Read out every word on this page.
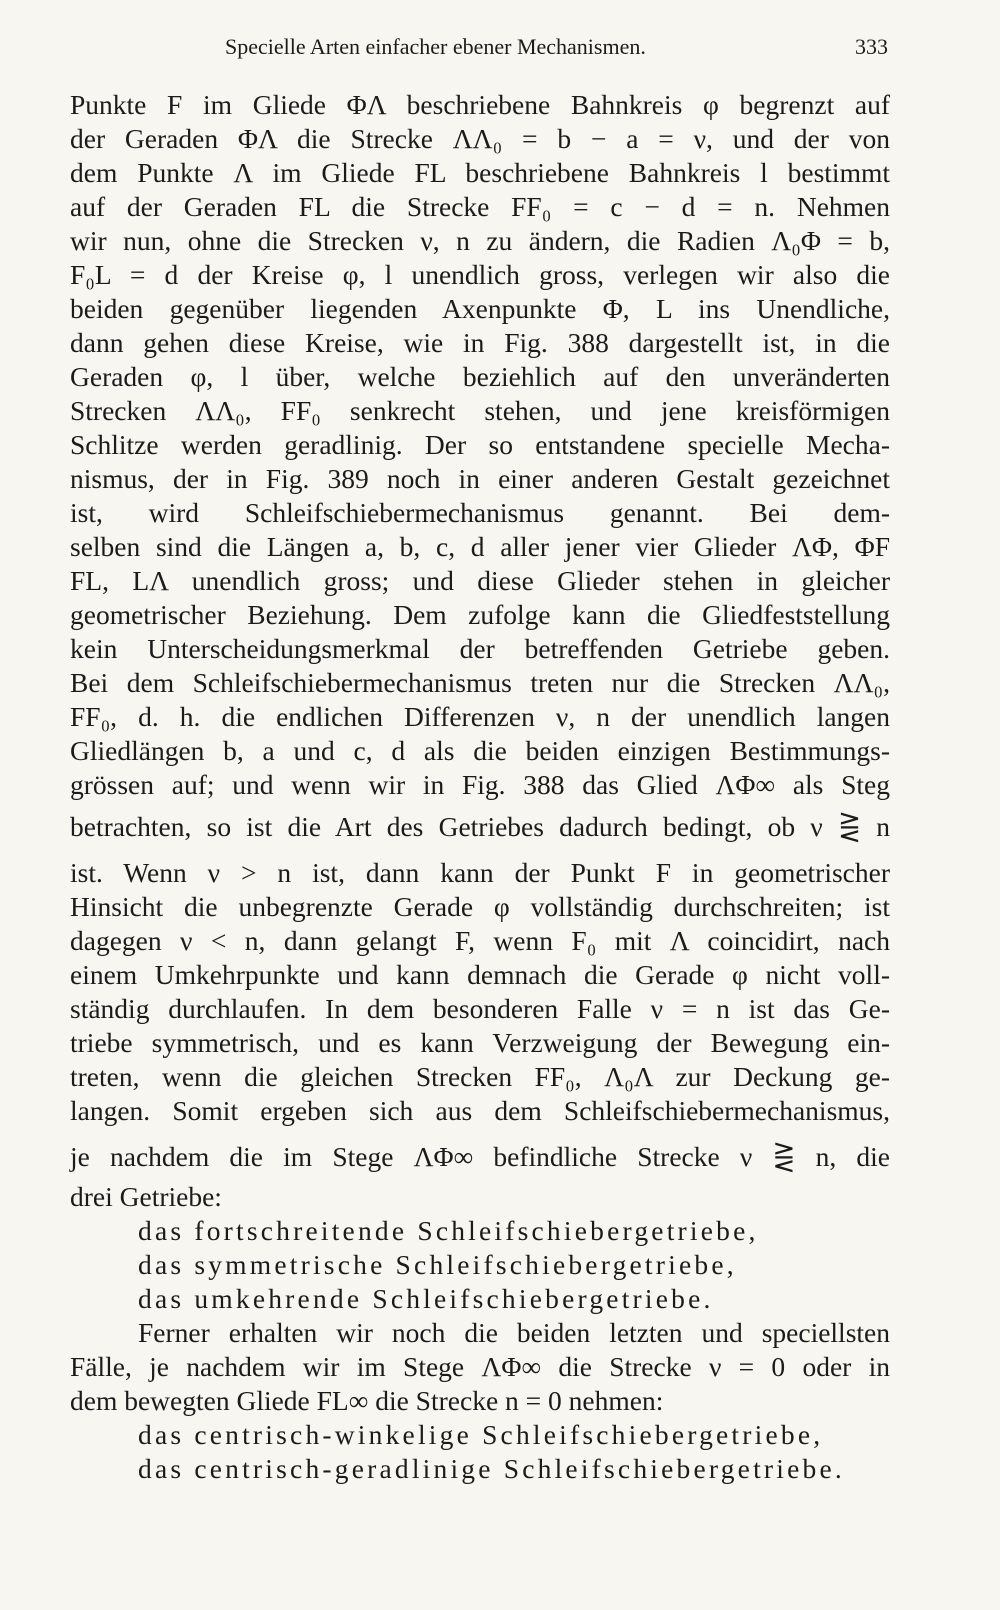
Specielle Arten einfacher ebener Mechanismen.	333
Punkte F im Gliede ΦΛ beschriebene Bahnkreis φ begrenzt auf
der Geraden ΦΛ die Strecke ΛΛ₀ = b − a = ν, und der von
dem Punkte Λ im Gliede FL beschriebene Bahnkreis l bestimmt
auf der Geraden FL die Strecke FF₀ = c − d = n. Nehmen
wir nun, ohne die Strecken ν, n zu ändern, die Radien Λ₀Φ = b,
F₀L = d der Kreise φ, l unendlich gross, verlegen wir also die
beiden gegenüber liegenden Axenpunkte Φ, L ins Unendliche,
dann gehen diese Kreise, wie in Fig. 388 dargestellt ist, in die
Geraden φ, l über, welche beziehlich auf den unveränderten
Strecken ΛΛ₀, FF₀ senkrecht stehen, und jene kreisförmigen
Schlitze werden geradlinig. Der so entstandene specielle Mecha-
nismus, der in Fig. 389 noch in einer anderen Gestalt gezeichnet
ist, wird Schleifschiebermechanismus genannt. Bei dem-
selben sind die Längen a, b, c, d aller jener vier Glieder ΛΦ, ΦF
FL, LΛ unendlich gross; und diese Glieder stehen in gleicher
geometrischer Beziehung. Dem zufolge kann die Gliedfeststellung
kein Unterscheidungsmerkmal der betreffenden Getriebe geben.
Bei dem Schleifschiebermechanismus treten nur die Strecken ΛΛ₀,
FF₀, d. h. die endlichen Differenzen ν, n der unendlich langen
Gliedlängen b, a und c, d als die beiden einzigen Bestimmungs-
grössen auf; und wenn wir in Fig. 388 das Glied ΛΦ∞ als Steg
betrachten, so ist die Art des Getriebes dadurch bedingt, ob ν ⋛ n
ist. Wenn ν > n ist, dann kann der Punkt F in geometrischer
Hinsicht die unbegrenzte Gerade φ vollständig durchschreiten; ist
dagegen ν < n, dann gelangt F, wenn F₀ mit Λ coincidirt, nach
einem Umkehrpunkte und kann demnach die Gerade φ nicht voll-
ständig durchlaufen. In dem besonderen Falle ν = n ist das Ge-
triebe symmetrisch, und es kann Verzweigung der Bewegung ein-
treten, wenn die gleichen Strecken FF₀, Λ₀Λ zur Deckung ge-
langen. Somit ergeben sich aus dem Schleifschiebermechanismus,
je nachdem die im Stege ΛΦ∞ befindliche Strecke ν ⋛ n, die
drei Getriebe:
das fortschreitende Schleifschiebergetriebe,
das symmetrische Schleifschiebergetriebe,
das umkehrende Schleifschiebergetriebe.
Ferner erhalten wir noch die beiden letzten und speciellsten
Fälle, je nachdem wir im Stege ΛΦ∞ die Strecke ν = 0 oder in
dem bewegten Gliede FL∞ die Strecke n = 0 nehmen:
das centrisch-winkelige Schleifschiebergetriebe,
das centrisch-geradlinige Schleifschiebergetriebe.
